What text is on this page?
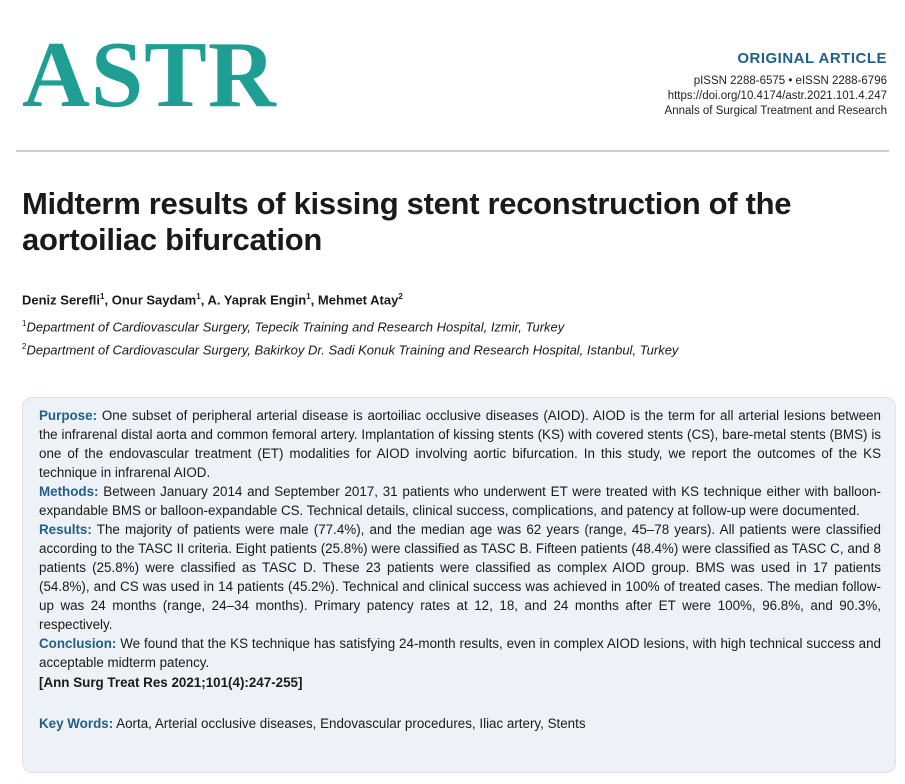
ASTR	ORIGINAL ARTICLE
pISSN 2288-6575 • eISSN 2288-6796
https://doi.org/10.4174/astr.2021.101.4.247
Annals of Surgical Treatment and Research
Midterm results of kissing stent reconstruction of the aortoiliac bifurcation

Deniz Serefli$^1$, Onur Saydam$^1$, A. Yaprak Engin$^1$, Mehmet Atay$^2$

$^1$Department of Cardiovascular Surgery, Tepecik Training and Research Hospital, Izmir, Turkey

$^2$Department of Cardiovascular Surgery, Bakirkoy Dr. Sadi Konuk Training and Research Hospital, Istanbul, Turkey

Purpose: One subset of peripheral arterial disease is aortoiliac occlusive diseases (AIOD). AIOD is the term for all arterial lesions between the infrarenal distal aorta and common femoral artery. Implantation of kissing stents (KS) with covered stents (CS), bare-metal stents (BMS) is one of the endovascular treatment (ET) modalities for AIOD involving aortic bifurcation. In this study, we report the outcomes of the KS technique in infrarenal AIOD.

Methods: Between January 2014 and September 2017, 31 patients who underwent ET were treated with KS technique either with balloon-expandable BMS or balloon-expandable CS. Technical details, clinical success, complications, and patency at follow-up were documented.

Results: The majority of patients were male (77.4%), and the median age was 62 years (range, 45–78 years). All patients were classified according to the TASC II criteria. Eight patients (25.8%) were classified as TASC B. Fifteen patients (48.4%) were classified as TASC C, and 8 patients (25.8%) were classified as TASC D. These 23 patients were classified as complex AIOD group. BMS was used in 17 patients (54.8%), and CS was used in 14 patients (45.2%). Technical and clinical success was achieved in 100% of treated cases. The median follow-up was 24 months (range, 24–34 months). Primary patency rates at 12, 18, and 24 months after ET were 100%, 96.8%, and 90.3%, respectively.

Conclusion: We found that the KS technique has satisfying 24-month results, even in complex AIOD lesions, with high technical success and acceptable midterm patency.

[Ann Surg Treat Res 2021;101(4):247-255]

Key Words: Aorta, Arterial occlusive diseases, Endovascular procedures, Iliac artery, Stents
